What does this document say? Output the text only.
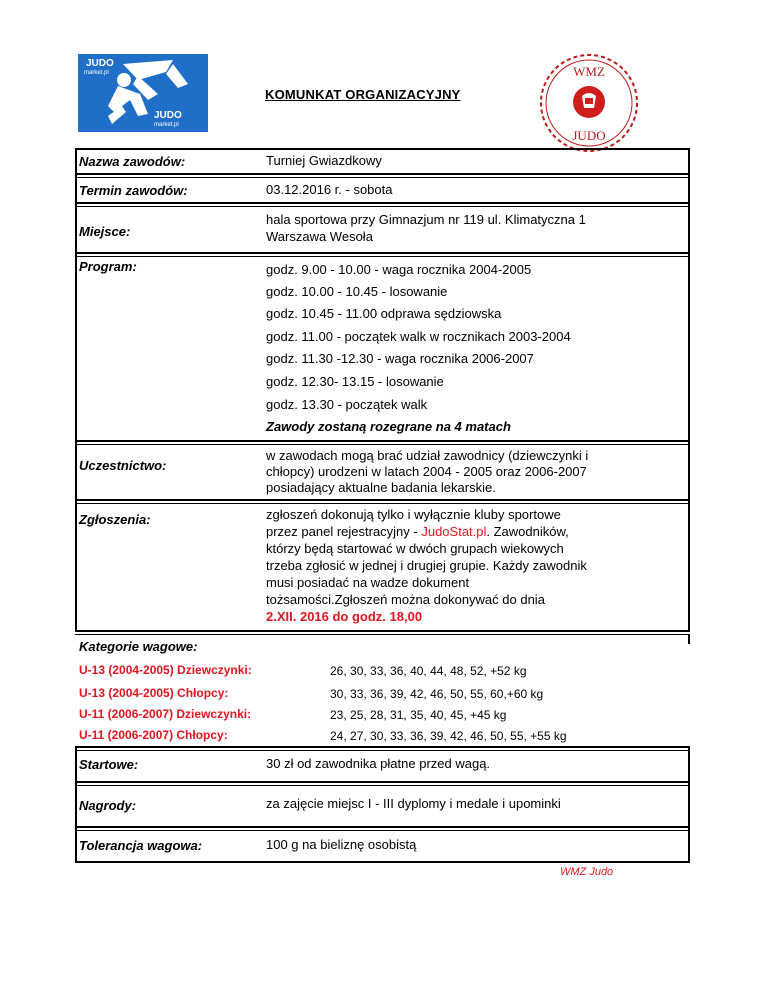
JUDO
market.pl
JUDO
market.pl
KOMUNKAT ORGANIZACYJNY
WMZ
JUDO
Nazwa zawodów:	Turniej Gwiazdkowy
Termin zawodów:	03.12.2016 r. - sobota
Miejsce:
hala sportowa przy Gimnazjum nr 119 ul. Klimatyczna 1
Warszawa Wesoła
Program:	godz. 9.00 - 10.00 - waga rocznika 2004-2005
godz. 10.00 - 10.45 - losowanie
godz. 10.45 - 11.00 odprawa sędziowska
godz. 11.00 - początek walk w rocznikach 2003-2004
godz. 11.30 -12.30 - waga rocznika 2006-2007
godz. 12.30- 13.15 - losowanie
godz. 13.30 - początek walk
Zawody zostaną rozegrane na 4 matach
Uczestnictwo:
w zawodach mogą brać udział zawodnicy (dziewczynki i
chłopcy) urodzeni w latach 2004 - 2005 oraz 2006-2007
posiadający aktualne badania lekarskie.
Zgłoszenia:	zgłoszeń dokonują tylko i wyłącznie kluby sportowe
przez panel rejestracyjny - JudoStat.pl. Zawodników,
którzy będą startować w dwóch grupach wiekowych
trzeba zgłosić w jednej i drugiej grupie. Każdy zawodnik
musi posiadać na wadze dokument
tożsamości.Zgłoszeń można dokonywać do dnia
2.XII. 2016 do godz. 18,00
Kategorie wagowe:
U-13 (2004-2005) Dziewczynki:	26, 30, 33, 36, 40, 44, 48, 52, +52 kg
U-13 (2004-2005) Chłopcy:	30, 33, 36, 39, 42, 46, 50, 55, 60,+60 kg
U-11 (2006-2007) Dziewczynki:	23, 25, 28, 31, 35, 40, 45, +45 kg
U-11 (2006-2007) Chłopcy:	24, 27, 30, 33, 36, 39, 42, 46, 50, 55, +55 kg
Startowe:	30 zł od zawodnika płatne przed wagą.
Nagrody:	za zajęcie miejsc I - III dyplomy i medale i upominki
Tolerancja wagowa:	100 g na bieliznę osobistą
WMZ Judo
